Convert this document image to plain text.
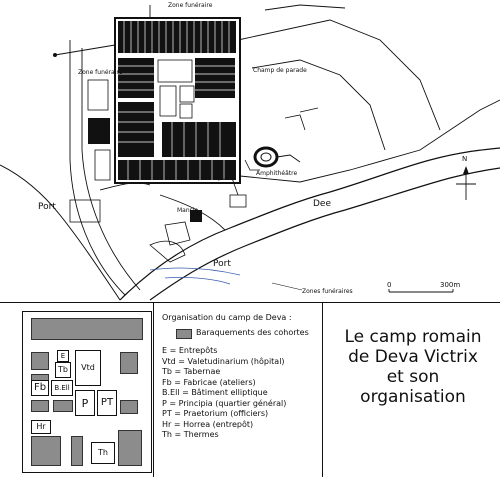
Zone funéraire
Zone funéraire	Champ de parade
Amphithéâtre
Port
Port
Mansio
Dee
Zones funéraires
N
0	300m
E
Tb	Vtd
Fb	B.Ell
P	PT
Hr
Th
Organisation du camp de Deva :
Baraquements des cohortes
E = Entrepôts
Vtd = Valetudinarium (hôpital)
Tb = Tabernae
Fb = Fabricae (ateliers)
B.Ell = Bâtiment elliptique
P = Principia (quartier général)
PT = Praetorium (officiers)
Hr = Horrea (entrepôt)
Th = Thermes
Le camp romain
de Deva Victrix
et son
organisation
